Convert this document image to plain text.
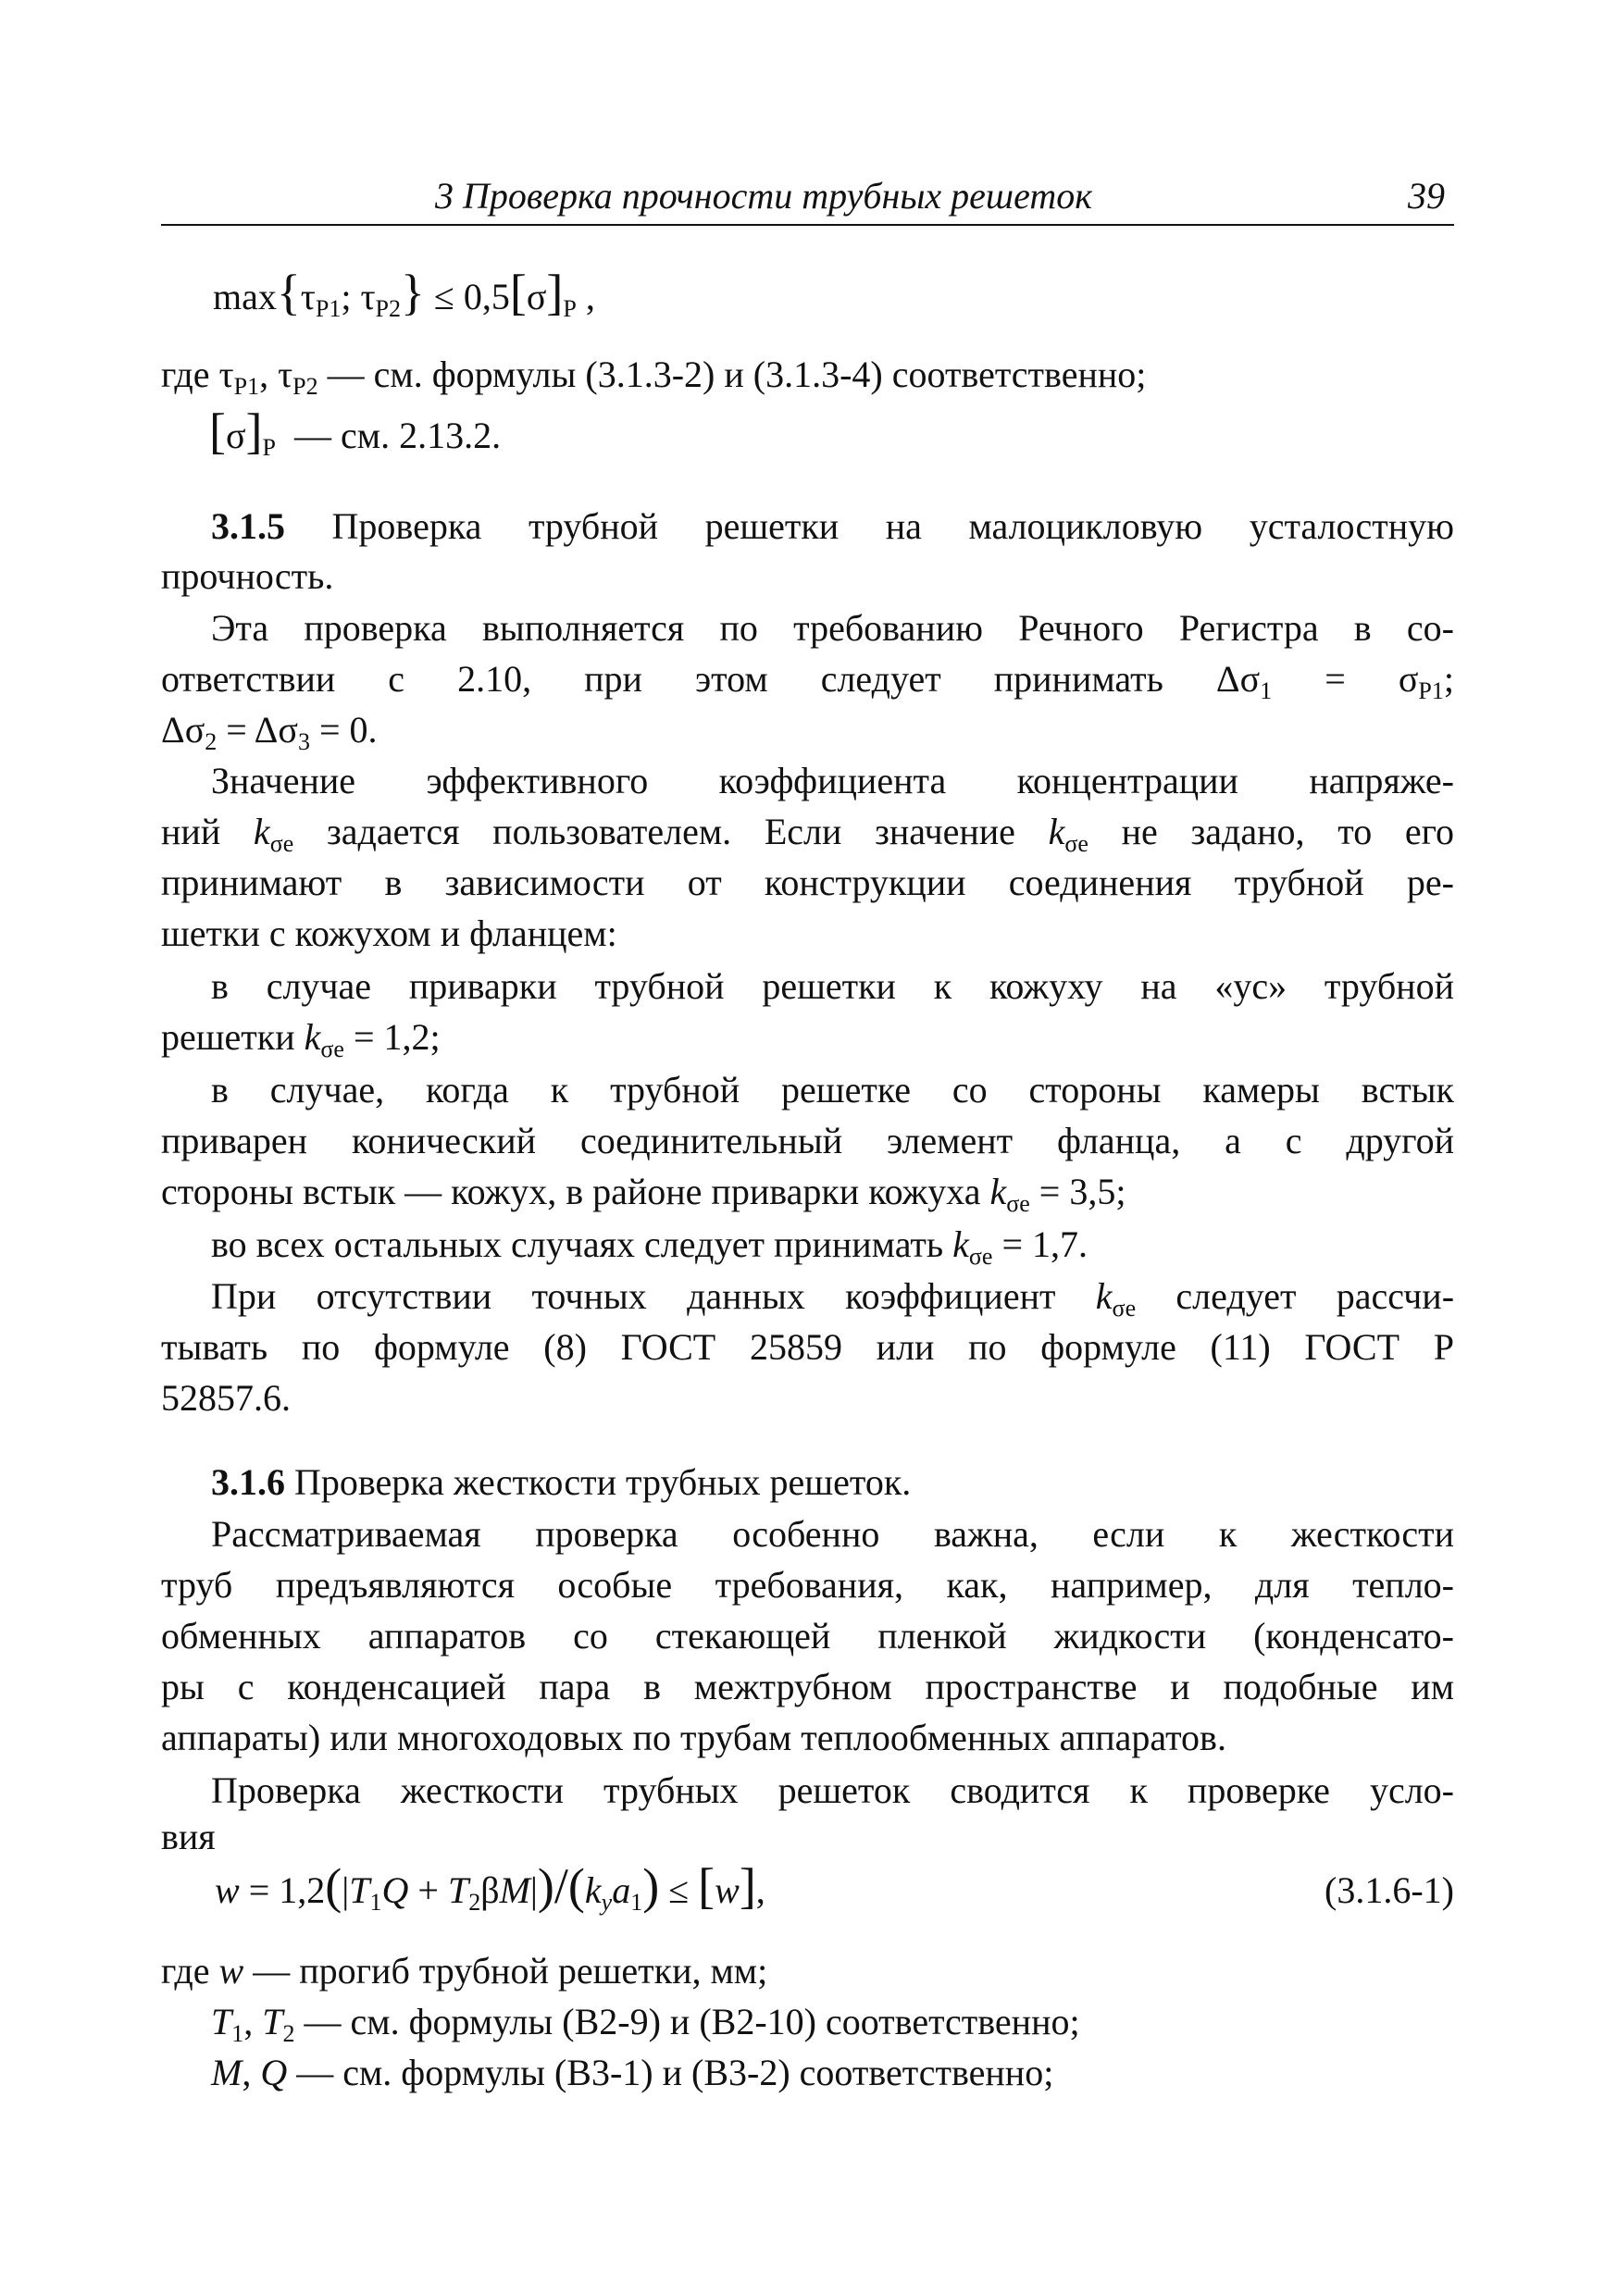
3 Проверка прочности трубных решеток	39
$\max\{\tau_{P1}$; $\tau_{P2}\} \le 0,5[\sigma]_P$ ,
где $\tau_{P1}$, $\tau_{P2}$ — см. формулы (3.1.3-2) и (3.1.3-4) соответственно;
$[\sigma]_P$ — см. 2.13.2.
3.1.5 Проверка трубной решетки на малоцикловую усталостную
прочность.
Эта проверка выполняется по требованию Речного Регистра в со-
ответствии с 2.10, при этом следует принимать $\Delta\sigma_1 = \sigma_{P1}$;
$\Delta\sigma_2 = \Delta\sigma_3 = 0$.
Значение эффективного коэффициента концентрации напряже-
ний $k_{\sigma e}$ задается пользователем. Если значение $k_{\sigma e}$ не задано, то его
принимают в зависимости от конструкции соединения трубной ре-
шетки с кожухом и фланцем:
в случае приварки трубной решетки к кожуху на «ус» трубной
решетки $k_{\sigma e} = 1,2$;
в случае, когда к трубной решетке со стороны камеры встык
приварен конический соединительный элемент фланца, а с другой
стороны встык — кожух, в районе приварки кожуха $k_{\sigma e} = 3,5$;
во всех остальных случаях следует принимать $k_{\sigma e} = 1,7$.
При отсутствии точных данных коэффициент $k_{\sigma e}$ следует рассчи-
тывать по формуле (8) ГОСТ 25859 или по формуле (11) ГОСТ Р
52857.6.
3.1.6 Проверка жесткости трубных решеток.
Рассматриваемая проверка особенно важна, если к жесткости
труб предъявляются особые требования, как, например, для тепло-
обменных аппаратов со стекающей пленкой жидкости (конденсато-
ры с конденсацией пара в межтрубном пространстве и подобные им
аппараты) или многоходовых по трубам теплообменных аппаратов.
Проверка жесткости трубных решеток сводится к проверке усло-
вия
$w = 1,2(|T_1Q + T_2\beta M|)/(k_ya_1) \le [w]$,	(3.1.6-1)
где w — прогиб трубной решетки, мм;
$T_1$, $T_2$ — см. формулы (В2-9) и (В2-10) соответственно;
M, Q — см. формулы (В3-1) и (В3-2) соответственно;
